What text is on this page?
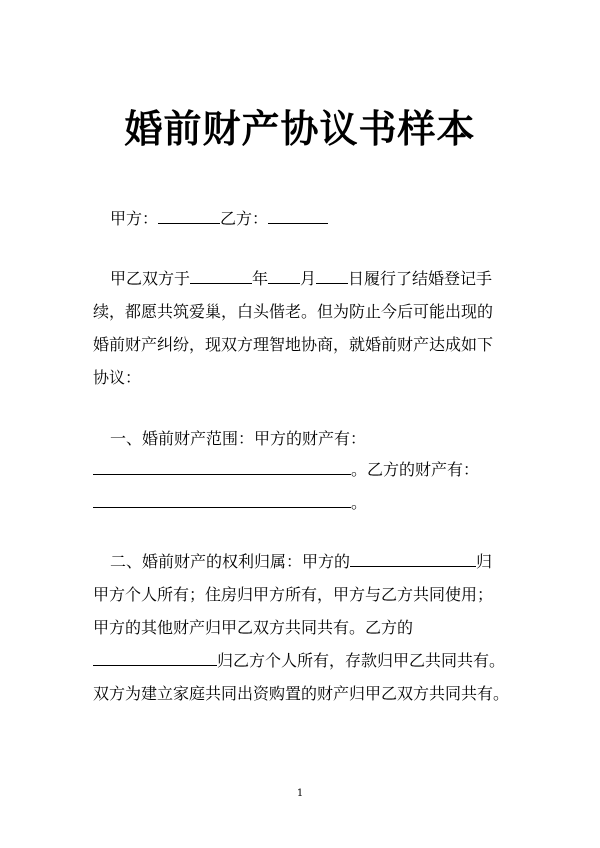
婚前财产协议书样本
甲方：	乙方：
甲乙双方于	年 月 日履行了结婚登记手
续，都愿共筑爱巢，白头偕老。但为防止今后可能出现的
婚前财产纠纷，现双方理智地协商，就婚前财产达成如下
协议：
一、婚前财产范围：甲方的财产有：
。乙方的财产有：
。
二、婚前财产的权利归属：甲方的	归
甲方个人所有；住房归甲方所有，甲方与乙方共同使用；
甲方的其他财产归甲乙双方共同共有。乙方的
归乙方个人所有，存款归甲乙共同共有。
双方为建立家庭共同出资购置的财产归甲乙双方共同共有。
1
